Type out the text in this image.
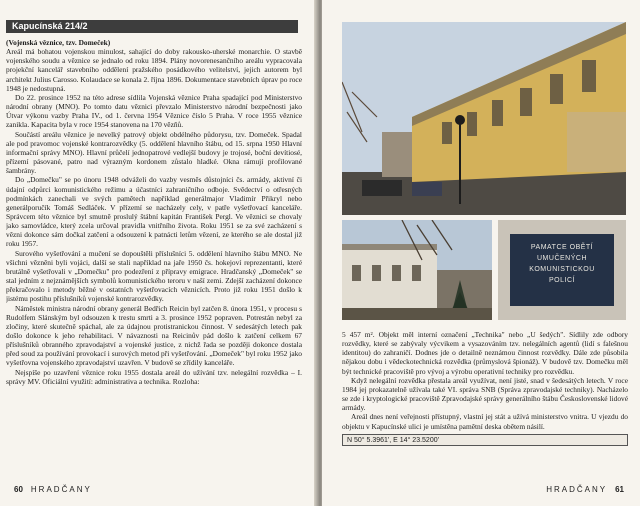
Kapucínská 214/2

(Vojenská věznice, tzv. Domeček)

Areál má bohatou vojenskou minulost, sahající do doby rakousko-uherské monarchie. O stavbě vojenského soudu a věznice se jednalo od roku 1894. Plány novorenesančního areálu vypracovala projekční kancelář stavebního oddělení pražského posádkového velitelství, jejich autorem byl architekt Julius Carosso. Kolaudace se konala 2. října 1896. Dokumentace stavebních úprav po roce 1948 je nedostupná.

Do 22. prosince 1952 na této adrese sídlila Vojenská věznice Praha spadající pod Ministerstvo národní obrany (MNO). Po tomto datu věznici převzalo Ministerstvo národní bezpečnosti jako Útvar výkonu vazby Praha IV., od 1. června 1954 Věznice číslo 5 Praha. V roce 1955 věznice zanikla. Kapacita byla v roce 1954 stanovena na 170 vězňů.

Součástí areálu věznice je nevelký patrový objekt obdélného půdorysu, tzv. Domeček. Spadal ale pod pravomoc vojenské kontrarozvědky (5. oddělení hlavního štábu, od 15. srpna 1950 Hlavní informační správy MNO). Hlavní průčelí jednopatrové vedlejší budovy je trojosé, boční devítiosé, přízemí pásované, patro nad výrazným kordonem zůstalo hladké. Okna rámují profilované šambrány.

Do „Domečku" se po únoru 1948 odváželi do vazby vesměs důstojníci čs. armády, aktivní či údajní odpůrci komunistického režimu a účastníci zahraničního odboje. Svědectví o otřesných podmínkách zanechali ve svých pamětech například generálmajor Vladimír Přikryl nebo generálporučík Tomáš Sedláček. V přízemí se nacházely cely, v patře vyšetřovací kanceláře. Správcem této věznice byl smutně proslulý štábní kapitán František Pergl. Ve věznici se chovaly jako samovládce, který zcela určoval pravidla vnitřního života. Roku 1951 se za své zacházení s vězni dokonce sám dočkal zatčení a odsouzení k patnácti letům vězení, ze kterého se ale dostal již roku 1957.

Surového vyšetřování a mučení se dopouštěli příslušníci 5. oddělení hlavního štábu MNO. Ne všichni vězněni byli vojáci, další se stali například na jaře 1950 čs. hokejoví reprezentanti, které brutálně vyšetřovali v „Domečku" pro podezření z přípravy emigrace. Hradčanský „Domeček" se stal jedním z nejznámějších symbolů komunistického teroru v naší zemi. Zdejší zacházení dokonce překračovalo i metody běžné v ostatních vyšetřovacích věznicích. Proto již roku 1951 došlo k jistému postihu příslušníků vojenské kontrarozvědky.

Náměstek ministra národní obrany generál Bedřich Reicin byl zatčen 8. února 1951, v procesu s Rudolfem Slánským byl odsouzen k trestu smrti a 3. prosince 1952 popraven. Potrestán nebyl za zločiny, které skutečně spáchal, ale za údajnou protistranickou činnost. V sedesátých letech pak došlo dokonce k jeho rehabilitaci. V návaznosti na Reicinův pád došlo k zatčení celkem 67 příslušníků obranného zpravodajství a vojenské justice, z nichž řada se později dokonce dostala před soud za používání provokací i surových metod při vyšetřování. „Domeček" byl roku 1952 jako vyšetřovna vojenského zpravodajství uzavřen. V budově se zřídily kanceláře.

Nejspíše po uzavření věznice roku 1955 dostala areál do užívání tzv. nelegální rozvědka – I. správy MV. Oficiální využití: administrativa a technika. Rozloha:

60 HRADČANY
PAMATCE OBĚTÍ
UMUČENÝCH
KOMUNISTICKOU
POLICÍ

5 457 m². Objekt měl interní označení „Technika" nebo „U šedých". Sídlily zde odbory rozvědky, které se zabývaly výcvikem a vysazováním tzv. nelegálních agentů (lidí s falešnou identitou) do zahraničí. Dodnes jde o detailně neznámou činnost rozvědky. Dále zde působila nějakou dobu i vědeckotechnická rozvědka (průmyslová špionáž). V budově tzv. Domečku měl být technické pracoviště pro vývoj a výrobu operativní techniky pro rozvědku.

Když nelegální rozvědka přestala areál využívat, není jisté, snad v šedesátých letech. V roce 1984 jej prokazatelně užívala také VI. správa SNB (Správa zpravodajské techniky). Nacházelo se zde i kryptologické pracoviště Zpravodajské správy generálního štábu Československé lidové armády.

Areál dnes není veřejnosti přístupný, vlastní jej stát a užívá ministerstvo vnitra. U vjezdu do objektu v Kapucínské ulici je umístěna pamětní deska obětem násilí.

N 50° 5.3961', E 14° 23.5200'
HRADČANY 61
